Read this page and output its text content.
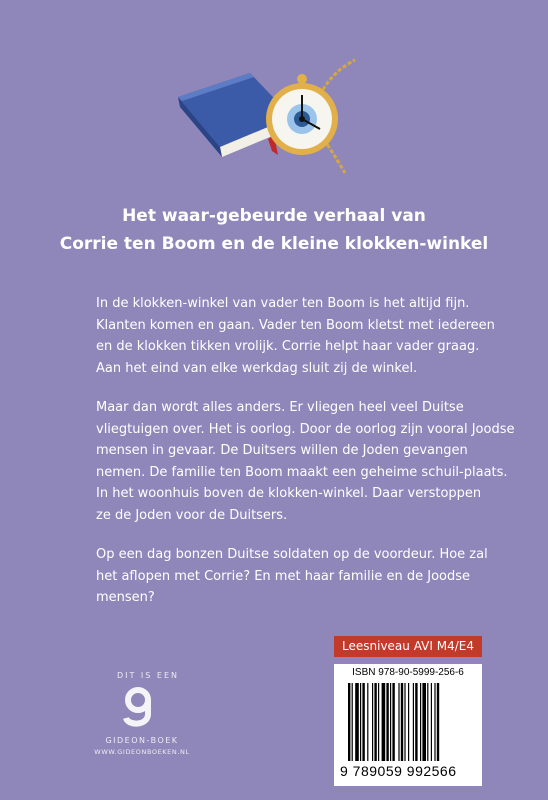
Het waar-gebeurde verhaal van
Corrie ten Boom en de kleine klokken-winkel
In de klokken-winkel van vader ten Boom is het altijd fijn.
Klanten komen en gaan. Vader ten Boom kletst met iedereen
en de klokken tikken vrolijk. Corrie helpt haar vader graag.
Aan het eind van elke werkdag sluit zij de winkel.
Maar dan wordt alles anders. Er vliegen heel veel Duitse
vliegtuigen over. Het is oorlog. Door de oorlog zijn vooral Joodse
mensen in gevaar. De Duitsers willen de Joden gevangen
nemen. De familie ten Boom maakt een geheime schuil-plaats.
In het woonhuis boven de klokken-winkel. Daar verstoppen
ze de Joden voor de Duitsers.
Op een dag bonzen Duitse soldaten op de voordeur. Hoe zal
het aflopen met Corrie? En met haar familie en de Joodse
mensen?
Leesniveau AVI M4/E4
ISBN 978-90-5999-256-6
9 789059 992566
DIT IS EEN
GIDEON-BOEK
WWW.GIDEONBOEKEN.NL
